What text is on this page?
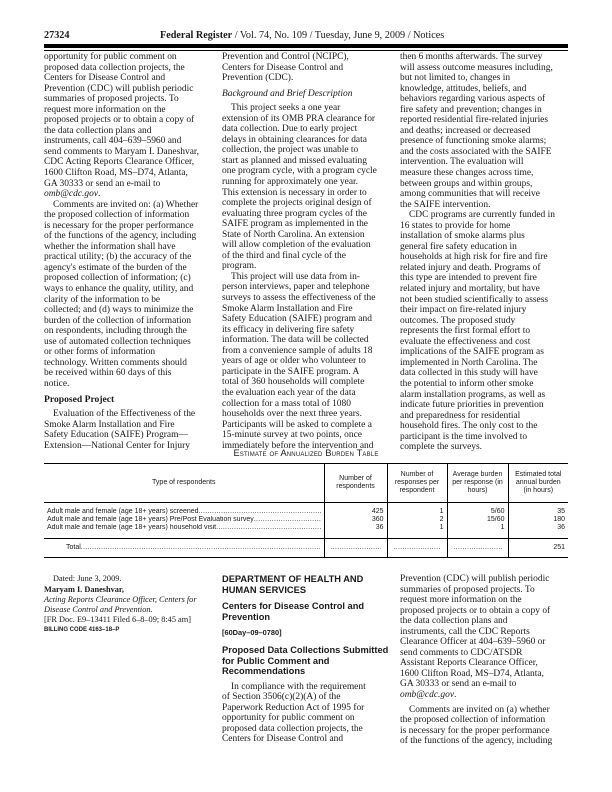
27324	Federal Register / Vol. 74, No. 109 / Tuesday, June 9, 2009 / Notices

opportunity for public comment on
proposed data collection projects, the
Centers for Disease Control and
Prevention (CDC) will publish periodic
summaries of proposed projects. To
request more information on the
proposed projects or to obtain a copy of
the data collection plans and
instruments, call 404–639–5960 and
send comments to Maryam I. Daneshvar,
CDC Acting Reports Clearance Officer,
1600 Clifton Road, MS–D74, Atlanta,
GA 30333 or send an e-mail to
omb@cdc.gov.

Comments are invited on: (a) Whether
the proposed collection of information
is necessary for the proper performance
of the functions of the agency, including
whether the information shall have
practical utility; (b) the accuracy of the
agency's estimate of the burden of the
proposed collection of information; (c)
ways to enhance the quality, utility, and
clarity of the information to be
collected; and (d) ways to minimize the
burden of the collection of information
on respondents, including through the
use of automated collection techniques
or other forms of information
technology. Written comments should
be received within 60 days of this
notice.

Proposed Project

Evaluation of the Effectiveness of the
Smoke Alarm Installation and Fire
Safety Education (SAIFE) Program—
Extension—National Center for Injury

Prevention and Control (NCIPC),
Centers for Disease Control and
Prevention (CDC).

Background and Brief Description

This project seeks a one year
extension of its OMB PRA clearance for
data collection. Due to early project
delays in obtaining clearances for data
collection, the project was unable to
start as planned and missed evaluating
one program cycle, with a program cycle
running for approximately one year.
This extension is necessary in order to
complete the projects original design of
evaluating three program cycles of the
SAIFE program as implemented in the
State of North Carolina. An extension
will allow completion of the evaluation
of the third and final cycle of the
program.

This project will use data from in-
person interviews, paper and telephone
surveys to assess the effectiveness of the
Smoke Alarm Installation and Fire
Safety Education (SAIFE) program and
its efficacy in delivering fire safety
information. The data will be collected
from a convenience sample of adults 18
years of age or older who volunteer to
participate in the SAIFE program. A
total of 360 households will complete
the evaluation each year of the data
collection for a mass total of 1080
households over the next three years.
Participants will be asked to complete a
15-minute survey at two points, once
immediately before the intervention and

then 6 months afterwards. The survey
will assess outcome measures including,
but not limited to, changes in
knowledge, attitudes, beliefs, and
behaviors regarding various aspects of
fire safety and prevention; changes in
reported residential fire-related injuries
and deaths; increased or decreased
presence of functioning smoke alarms;
and the costs associated with the SAIFE
intervention. The evaluation will
measure these changes across time,
between groups and within groups,
among communities that will receive
the SAIFE intervention.

CDC programs are currently funded in
16 states to provide for home
installation of smoke alarms plus
general fire safety education in
households at high risk for fire and fire
related injury and death. Programs of
this type are intended to prevent fire
related injury and mortality, but have
not been studied scientifically to assess
their impact on fire-related injury
outcomes. The proposed study
represents the first formal effort to
evaluate the effectiveness and cost
implications of the SAIFE program as
implemented in North Carolina. The
data collected in this study will have
the potential to inform other smoke
alarm installation programs, as well as
indicate future priorities in prevention
and preparedness for residential
household fires. The only cost to the
participant is the time involved to
complete the surveys.

Estimate of Annualized Burden Table
Type of respondents	Number of respondents	Number of responses per respondent	Average burden per response (in hours)	Estimated total annual burden (in hours)

Adult male and female (age 18+ years) screened
.....	425	1	5/60	35

Adult male and female (age 18+ years) Pre/Post Evaluation survey
.....	360	2	15/60	180

Adult male and female (age 18+ years) household visit
.....	36	1	1	36

Total
.....

.....

.....

.....	251

Dated: June 3, 2009.

Maryam I. Daneshvar,

Acting Reports Clearance Officer, Centers for
Disease Control and Prevention.

[FR Doc. E9–13411 Filed 6–8–09; 8:45 am]

BILLING CODE 4163–18–P

DEPARTMENT OF HEALTH AND
HUMAN SERVICES

Centers for Disease Control and
Prevention

[60Day–09–0780]

Proposed Data Collections Submitted
for Public Comment and
Recommendations

In compliance with the requirement
of Section 3506(c)(2)(A) of the
Paperwork Reduction Act of 1995 for
opportunity for public comment on
proposed data collection projects, the
Centers for Disease Control and

Prevention (CDC) will publish periodic
summaries of proposed projects. To
request more information on the
proposed projects or to obtain a copy of
the data collection plans and
instruments, call the CDC Reports
Clearance Officer at 404–639–5960 or
send comments to CDC/ATSDR
Assistant Reports Clearance Officer,
1600 Clifton Road, MS–D74, Atlanta,
GA 30333 or send an e-mail to
omb@cdc.gov.

Comments are invited on (a) whether
the proposed collection of information
is necessary for the proper performance
of the functions of the agency, including
